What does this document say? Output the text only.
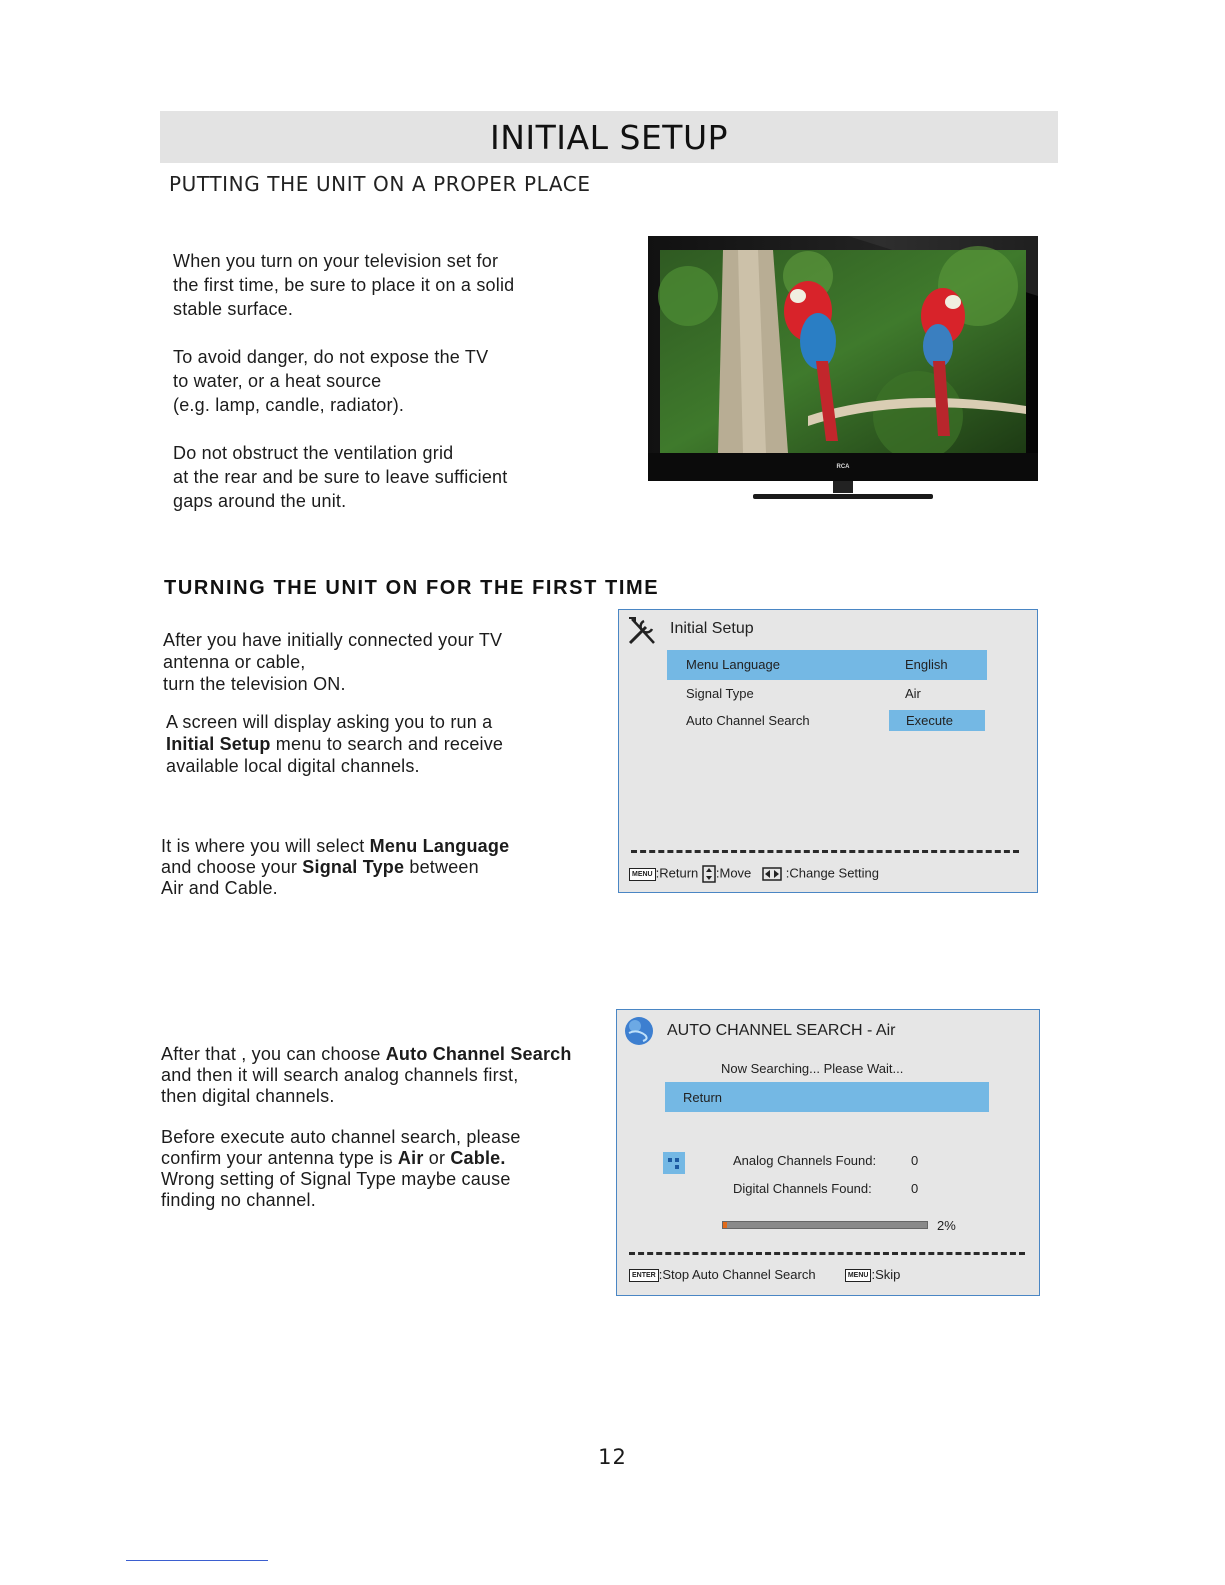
INITIAL SETUP
PUTTING THE UNIT ON A PROPER PLACE

When you turn on your television set for

the first time, be sure to place it on a solid

stable surface.

To avoid danger, do not expose the TV

to water, or a heat source

(e.g. lamp, candle, radiator).

Do not obstruct the ventilation grid

at the rear and be sure to leave sufficient

gaps around the unit.

RCA
TURNING THE UNIT ON FOR THE FIRST TIME

After you have initially connected your TV

antenna or cable,

turn the television ON.

A screen will display asking you to run a

Initial Setup menu to search and receive

available local digital channels.

It is where you will select Menu Language

and choose your Signal Type between

Air and Cable.

After that , you can choose Auto Channel Search

and then it will search analog channels first,

then digital channels.

Before execute auto channel search, please

confirm your antenna type is Air or Cable.

Wrong setting of Signal Type maybe cause

finding no channel.

Initial Setup
Menu Language	English
Signal Type	Air
Auto Channel Search	Execute
MENU :Return :Move	:Change Setting
AUTO CHANNEL SEARCH - Air
Now Searching... Please Wait...
Return
Analog Channels Found:	0
Digital Channels Found:	0
2%
ENTER :Stop Auto Channel Search	MENU :Skip
12
